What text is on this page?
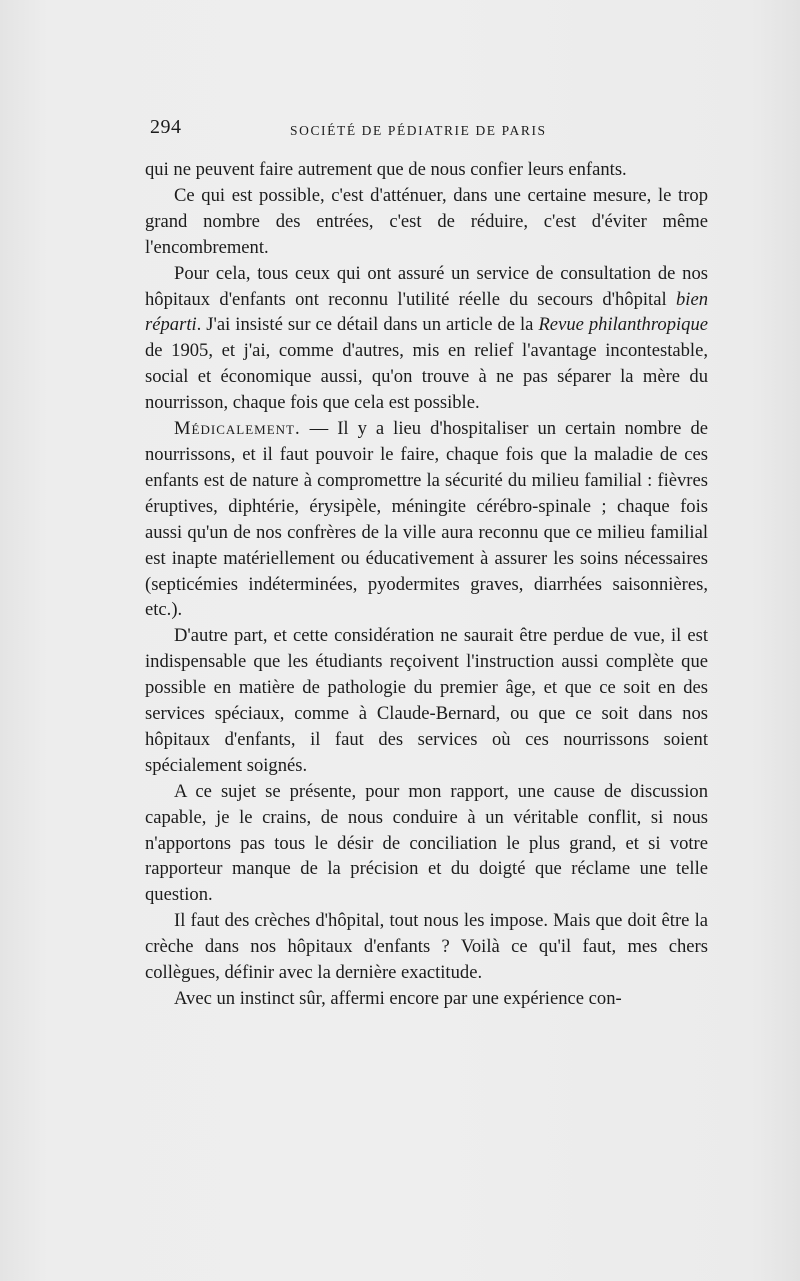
294	SOCIÉTÉ DE PÉDIATRIE DE PARIS

qui ne peuvent faire autrement que de nous confier leurs enfants.

Ce qui est possible, c'est d'atténuer, dans une certaine mesure, le trop grand nombre des entrées, c'est de réduire, c'est d'éviter même l'encombrement.

Pour cela, tous ceux qui ont assuré un service de consultation de nos hôpitaux d'enfants ont reconnu l'utilité réelle du secours d'hôpital bien réparti. J'ai insisté sur ce détail dans un article de la Revue philanthropique de 1905, et j'ai, comme d'autres, mis en relief l'avantage incontestable, social et économique aussi, qu'on trouve à ne pas séparer la mère du nourrisson, chaque fois que cela est possible.

Médicalement. — Il y a lieu d'hospitaliser un certain nombre de nourrissons, et il faut pouvoir le faire, chaque fois que la maladie de ces enfants est de nature à compromettre la sécurité du milieu familial : fièvres éruptives, diphtérie, érysipèle, méningite cérébro-spinale ; chaque fois aussi qu'un de nos confrères de la ville aura reconnu que ce milieu familial est inapte matériellement ou éducativement à assurer les soins nécessaires (septicémies indéterminées, pyodermites graves, diarrhées saisonnières, etc.).

D'autre part, et cette considération ne saurait être perdue de vue, il est indispensable que les étudiants reçoivent l'instruction aussi complète que possible en matière de pathologie du premier âge, et que ce soit en des services spéciaux, comme à Claude-Bernard, ou que ce soit dans nos hôpitaux d'enfants, il faut des services où ces nourrissons soient spécialement soignés.

A ce sujet se présente, pour mon rapport, une cause de discussion capable, je le crains, de nous conduire à un véritable conflit, si nous n'apportons pas tous le désir de conciliation le plus grand, et si votre rapporteur manque de la précision et du doigté que réclame une telle question.

Il faut des crèches d'hôpital, tout nous les impose. Mais que doit être la crèche dans nos hôpitaux d'enfants ? Voilà ce qu'il faut, mes chers collègues, définir avec la dernière exactitude.

Avec un instinct sûr, affermi encore par une expérience con-
